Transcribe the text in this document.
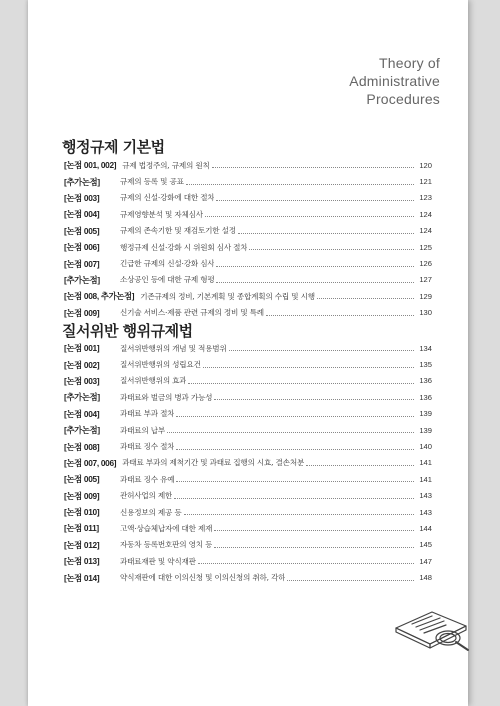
Theory of
Administrative
Procedures
행정규제 기본법
[논점 001, 002] 규제 법정주의, 규제의 원칙	120
[추가논점]	규제의 등록 및 공표	121
[논점 003]	규제의 신설·강화에 대한 절차	123
[논점 004]	규제영향분석 및 자체심사	124
[논점 005]	규제의 존속기한 및 재검토기한 설정	124
[논점 006]	행정규제 신설·강화 시 위원회 심사 절차	125
[논점 007]	긴급한 규제의 신설·강화 심사	126
[추가논점]	소상공인 등에 대한 규제 형평	127
[논점 008, 추가논점] 기존규제의 정비, 기본계획 및 종합계획의 수립 및 시행	129
[논점 009]	신기술 서비스·제품 관련 규제의 정비 및 특례	130
질서위반 행위규제법
[논점 001]	질서위반행위의 개념 및 적용범위	134
[논점 002]	질서위반행위의 성립요건	135
[논점 003]	질서위반행위의 효과	136
[추가논점]	과태료와 벌금의 병과 가능성	136
[논점 004]	과태료 부과 절차	139
[추가논점]	과태료의 납부	139
[논점 008]	과태료 징수 절차	140
[논점 007, 006] 과태료 부과의 제척기간 및 과태료 집행의 시효, 결손처분	141
[논점 005]	과태료 징수 유예	141
[논점 009]	관허사업의 제한	143
[논점 010]	신용정보의 제공 등	143
[논점 011]	고액·상습체납자에 대한 제재	144
[논점 012]	자동차 등록번호판의 영치 등	145
[논점 013]	과태료재판 및 약식재판	147
[논점 014]	약식재판에 대한 이의신청 및 이의신청의 취하, 각하	148
